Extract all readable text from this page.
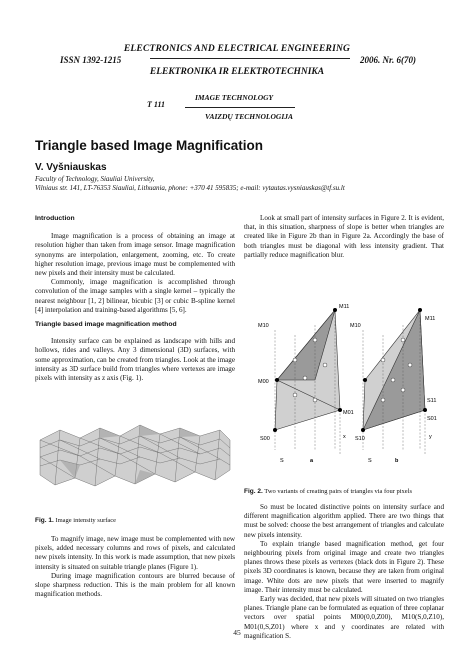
ELECTRONICS AND ELECTRICAL ENGINEERING
ISSN 1392-1215	2006. Nr. 6(70)
ELEKTRONIKA IR ELEKTROTECHNIKA
IMAGE TECHNOLOGY
T 111
VAIZDŲ TECHNOLOGIJA
Triangle based Image Magnification
V. Vyšniauskas
Faculty of Technology, Siauliai University,
Vilniaus str. 141, LT-76353 Siauliai, Lithuania, phone: +370 41 595835; e-mail: vytautas.vysniauskas@tf.su.lt
Introduction

Image magnification is a process of obtaining an image at resolution higher than taken from image sensor. Image magnification synonyms are interpolation, enlargement, zooming, etc. To create higher resolution image, previous image must be complemented with new pixels and their intensity must be calculated.

Commonly, image magnification is accomplished through convolution of the image samples with a single kernel – typically the nearest neighbour [1, 2] bilinear, bicubic [3] or cubic B-spline kernel [4] interpolation and training-based algorithms [5, 6].

Triangle based image magnification method

Intensity surface can be explained as landscape with hills and hollows, rides and valleys. Any 3 dimensional (3D) surfaces, with some approximation, can be created from triangles. Look at the image intensity as 3D surface build from triangles where vertexes are image pixels with intensity as z axis (Fig. 1).

Fig. 1. Image intensity surface

To magnify image, new image must be complemented with new pixels, added necessary columns and rows of pixels, and calculated new pixels intensity. In this work is made assumption, that new pixels intensity is situated on suitable triangle planes (Figure 1).

During image magnification contours are blurred because of slope sharpness reduction. This is the main problem for all known magnification methods.

Look at small part of intensity surfaces in Figure 2. It is evident, that, in this situation, sharpness of slope is better when triangles are created like in Figure 2b than in Figure 2a. Accordingly the base of both triangles must be diagonal with less intensity gradient. That partially reduce magnification blur.

M10
M11
M00
M01
S00
S	a
x
M10
M11
S11
S01
S10
S	b
y
Fig. 2. Two variants of creating pairs of triangles via four pixels

So must be located distinctive points on intensity surface and different magnification algorithm applied. There are two things that must be solved: choose the best arrangement of triangles and calculate new pixels intensity.

To explain triangle based magnification method, get four neighbouring pixels from original image and create two triangles planes throws these pixels as vertexes (black dots in Figure 2). These pixels 3D coordinates is known, because they are taken from original image. White dots are new pixels that were inserted to magnify image. Their intensity must be calculated.

Early was decided, that new pixels will situated on two triangles planes. Triangle plane can be formulated as equation of three coplanar vectors over spatial points M00(0,0,Z00), M10(S,0,Z10), M01(0,S,Z01) where x and y coordinates are related with magnification S.

45
